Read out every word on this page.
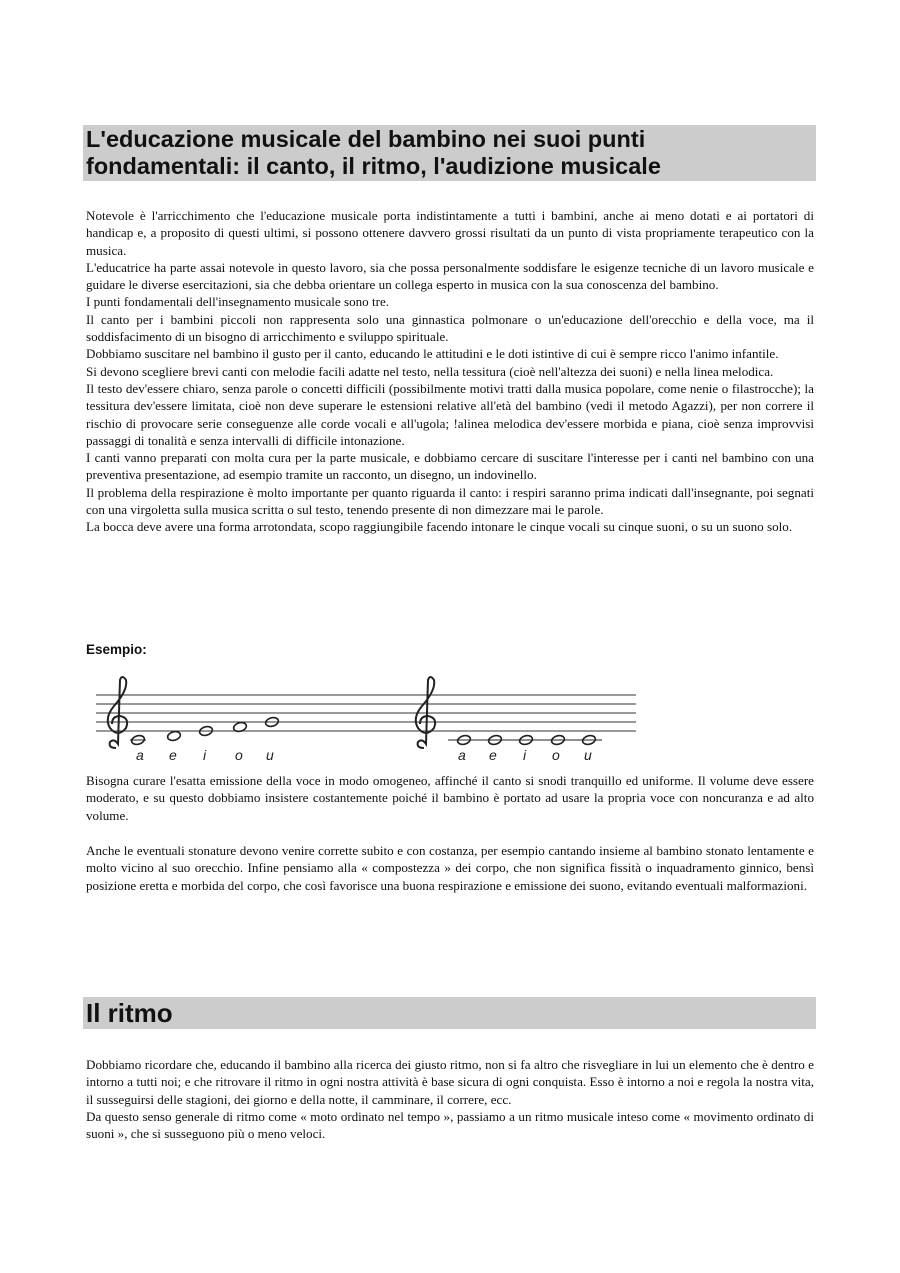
L'educazione musicale del bambino nei suoi punti
fondamentali: il canto, il ritmo, l'audizione musicale

Notevole è l'arricchimento che l'educazione musicale porta indistintamente a tutti i bambini, anche ai meno dotati e ai portatori di handicap e, a proposito di questi ultimi, si possono ottenere davvero grossi risultati da un punto di vista propriamente terapeutico con la musica.

L'educatrice ha parte assai notevole in questo lavoro, sia che possa personalmente soddisfare le esigenze tecniche di un lavoro musicale e guidare le diverse esercitazioni, sia che debba orientare un collega esperto in musica con la sua conoscenza del bambino.

I punti fondamentali dell'insegnamento musicale sono tre.

Il canto per i bambini piccoli non rappresenta solo una ginnastica polmonare o un'educazione dell'orecchio e della voce, ma il soddisfacimento di un bisogno di arricchimento e sviluppo spirituale.

Dobbiamo suscitare nel bambino il gusto per il canto, educando le attitudini e le doti istintive di cui è sempre ricco l'animo infantile.

Si devono scegliere brevi canti con melodie facili adatte nel testo, nella tessitura (cioè nell'altezza dei suoni) e nella linea melodica.

Il testo dev'essere chiaro, senza parole o concetti difficili (possibilmente motivi tratti dalla musica popolare, come nenie o filastrocche); la tessitura dev'essere limitata, cioè non deve superare le estensioni relative all'età del bambino (vedi il metodo Agazzi), per non correre il rischio di provocare serie conseguenze alle corde vocali e all'ugola; !alinea melodica dev'essere morbida e piana, cioè senza improvvisi passaggi di tonalità e senza intervalli di difficile intonazione.

I canti vanno preparati con molta cura per la parte musicale, e dobbiamo cercare di suscitare l'interesse per i canti nel bambino con una preventiva presentazione, ad esempio tramite un racconto, un disegno, un indovinello.

Il problema della respirazione è molto importante per quanto riguarda il canto: i respiri saranno prima indicati dall'insegnante, poi segnati con una virgoletta sulla musica scritta o sul testo, tenendo presente di non dimezzare mai le parole.

La bocca deve avere una forma arrotondata, scopo raggiungibile facendo intonare le cinque vocali su cinque suoni, o su un suono solo.

Esempio:
a e i o u	a e i o u

Bisogna curare l'esatta emissione della voce in modo omogeneo, affinché il canto si snodi tranquillo ed uniforme. Il volume deve essere moderato, e su questo dobbiamo insistere costantemente poiché il bambino è portato ad usare la propria voce con noncuranza e ad alto volume.

Anche le eventuali stonature devono venire corrette subito e con costanza, per esempio cantando insieme al bambino stonato lentamente e molto vicino al suo orecchio. Infine pensiamo alla « compostezza » dei corpo, che non significa fissità o inquadramento ginnico, bensì posizione eretta e morbida del corpo, che così favorisce una buona respirazione e emissione dei suono, evitando eventuali malformazioni.

Il ritmo

Dobbiamo ricordare che, educando il bambino alla ricerca dei giusto ritmo, non si fa altro che risvegliare in lui un elemento che è dentro e intorno a tutti noi; e che ritrovare il ritmo in ogni nostra attività è base sicura di ogni conquista. Esso è intorno a noi e regola la nostra vita, il susseguirsi delle stagioni, dei giorno e della notte, il camminare, il correre, ecc.

Da questo senso generale di ritmo come « moto ordinato nel tempo », passiamo a un ritmo musicale inteso come « movimento ordinato di suoni », che si susseguono più o meno veloci.
